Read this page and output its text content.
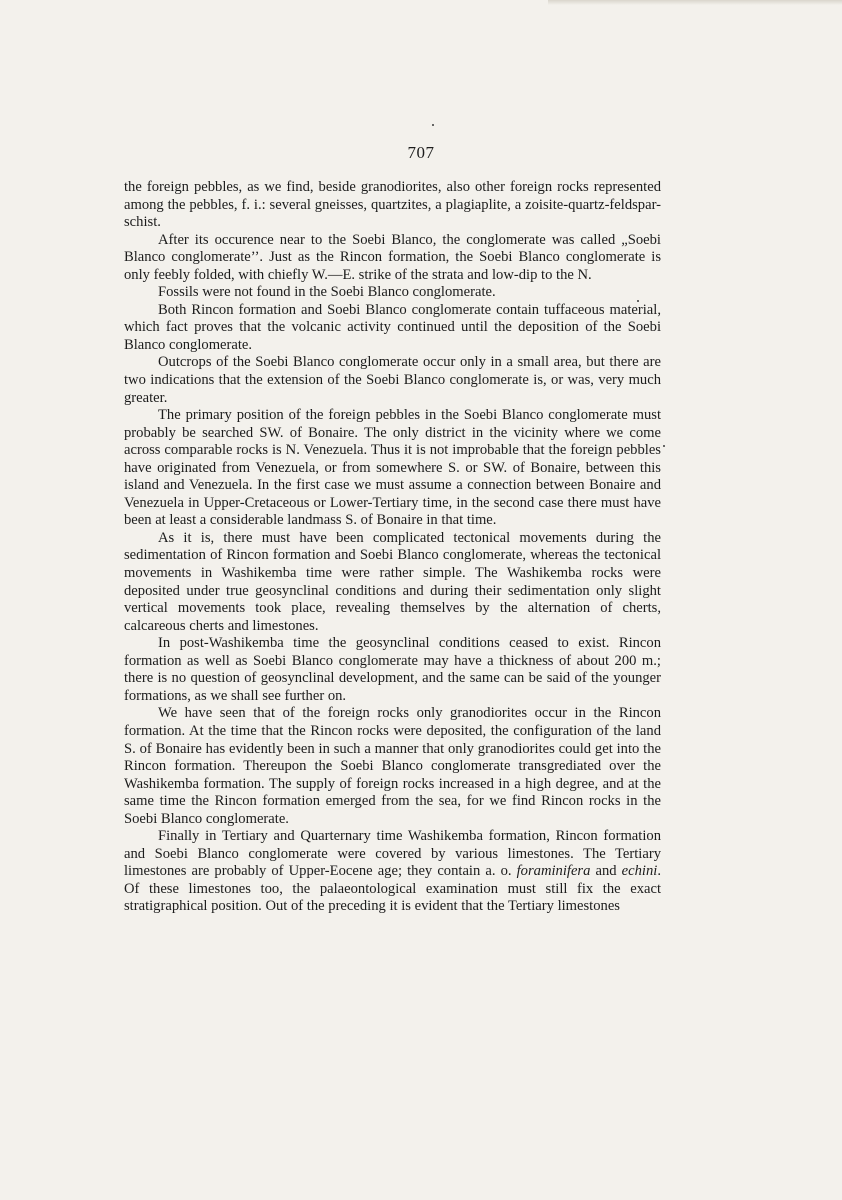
707

the foreign pebbles, as we find, beside granodiorites, also other foreign rocks represented among the pebbles, f. i.: several gneisses, quartzites, a plagiaplite, a zoisite-quartz-feldspar-schist.

After its occurence near to the Soebi Blanco, the conglomerate was called „Soebi Blanco conglomerate’’. Just as the Rincon formation, the Soebi Blanco conglomerate is only feebly folded, with chiefly W.—E. strike of the strata and low-dip to the N.

Fossils were not found in the Soebi Blanco conglomerate.

Both Rincon formation and Soebi Blanco conglomerate contain tuffaceous material, which fact proves that the volcanic activity continued until the deposition of the Soebi Blanco conglomerate.

Outcrops of the Soebi Blanco conglomerate occur only in a small area, but there are two indications that the extension of the Soebi Blanco conglomerate is, or was, very much greater.

The primary position of the foreign pebbles in the Soebi Blanco conglomerate must probably be searched SW. of Bonaire. The only district in the vicinity where we come across comparable rocks is N. Venezuela. Thus it is not improbable that the foreign pebbles have originated from Venezuela, or from somewhere S. or SW. of Bonaire, between this island and Venezuela. In the first case we must assume a connection between Bonaire and Venezuela in Upper-Cretaceous or Lower-Tertiary time, in the second case there must have been at least a considerable landmass S. of Bonaire in that time.

As it is, there must have been complicated tectonical movements during the sedimentation of Rincon formation and Soebi Blanco conglomerate, whereas the tectonical movements in Washikemba time were rather simple. The Washikemba rocks were deposited under true geosynclinal conditions and during their sedimentation only slight vertical movements took place, revealing themselves by the alternation of cherts, calcareous cherts and limestones.

In post-Washikemba time the geosynclinal conditions ceased to exist. Rincon formation as well as Soebi Blanco conglomerate may have a thickness of about 200 m.; there is no question of geosynclinal development, and the same can be said of the younger formations, as we shall see further on.

We have seen that of the foreign rocks only granodiorites occur in the Rincon formation. At the time that the Rincon rocks were deposited, the configuration of the land S. of Bonaire has evidently been in such a manner that only granodiorites could get into the Rincon formation. Thereupon the Soebi Blanco conglomerate transgrediated over the Washikemba formation. The supply of foreign rocks increased in a high degree, and at the same time the Rincon formation emerged from the sea, for we find Rincon rocks in the Soebi Blanco conglomerate.

Finally in Tertiary and Quarternary time Washikemba formation, Rincon formation and Soebi Blanco conglomerate were covered by various limestones. The Tertiary limestones are probably of Upper-Eocene age; they contain a. o. foraminifera and echini. Of these limestones too, the palaeontological examination must still fix the exact stratigraphical position. Out of the preceding it is evident that the Tertiary limestones
